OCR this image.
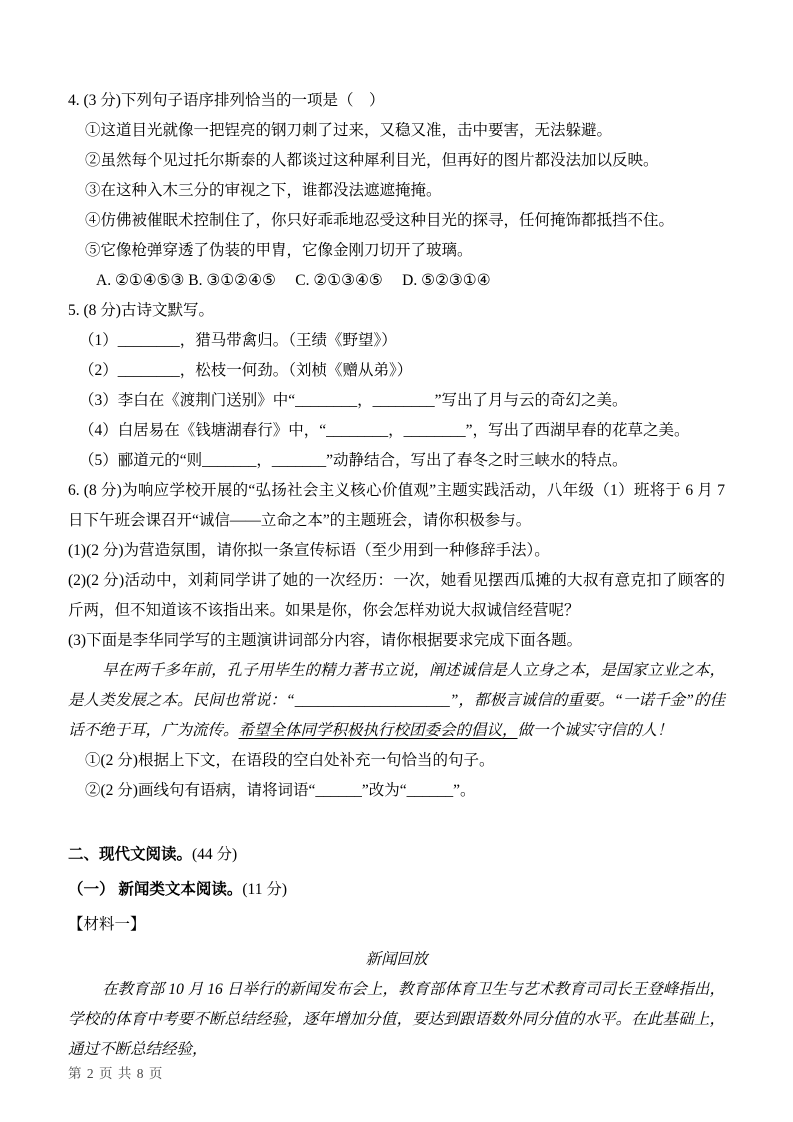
4. (3 分)下列句子语序排列恰当的一项是（　）

①这道目光就像一把锃亮的钢刀刺了过来，又稳又准，击中要害，无法躲避。

②虽然每个见过托尔斯泰的人都谈过这种犀利目光，但再好的图片都没法加以反映。

③在这种入木三分的审视之下，谁都没法遮遮掩掩。

④仿佛被催眠术控制住了，你只好乖乖地忍受这种目光的探寻，任何掩饰都抵挡不住。

⑤它像枪弹穿透了伪装的甲胄，它像金刚刀切开了玻璃。

A. ②①④⑤③ B. ③①②④⑤　 C. ②①③④⑤　 D. ⑤②③①④

5. (8 分)古诗文默写。

（1）________，猎马带禽归。（王绩《野望》）

（2）________，松枝一何劲。（刘桢《赠从弟》）

（3）李白在《渡荆门送别》中“________，________”写出了月与云的奇幻之美。

（4）白居易在《钱塘湖春行》中，“________，________”，写出了西湖早春的花草之美。

（5）郦道元的“则_______，_______”动静结合，写出了春冬之时三峡水的特点。

6. (8 分)为响应学校开展的“弘扬社会主义核心价值观”主题实践活动，八年级（1）班将于 6 月 7 日下午班会课召开“诚信——立命之本”的主题班会，请你积极参与。

(1)(2 分)为营造氛围，请你拟一条宣传标语（至少用到一种修辞手法）。

(2)(2 分)活动中，刘莉同学讲了她的一次经历：一次，她看见摆西瓜摊的大叔有意克扣了顾客的斤两，但不知道该不该指出来。如果是你，你会怎样劝说大叔诚信经营呢？

(3)下面是李华同学写的主题演讲词部分内容，请你根据要求完成下面各题。

早在两千多年前，孔子用毕生的精力著书立说，阐述诚信是人立身之本，是国家立业之本，是人类发展之本。民间也常说：“____________________”，都极言诚信的重要。“一诺千金”的佳话不绝于耳，广为流传。希望全体同学积极执行校团委会的倡议，做一个诚实守信的人！

①(2 分)根据上下文，在语段的空白处补充一句恰当的句子。

②(2 分)画线句有语病，请将词语“______”改为“______”。

二、现代文阅读。(44 分)

（一） 新闻类文本阅读。(11 分)

【材料一】

新闻回放

在教育部 10 月 16 日举行的新闻发布会上，教育部体育卫生与艺术教育司司长王登峰指出，学校的体育中考要不断总结经验，逐年增加分值，要达到跟语数外同分值的水平。在此基础上，通过不断总结经验，

第 2 页 共 8 页
